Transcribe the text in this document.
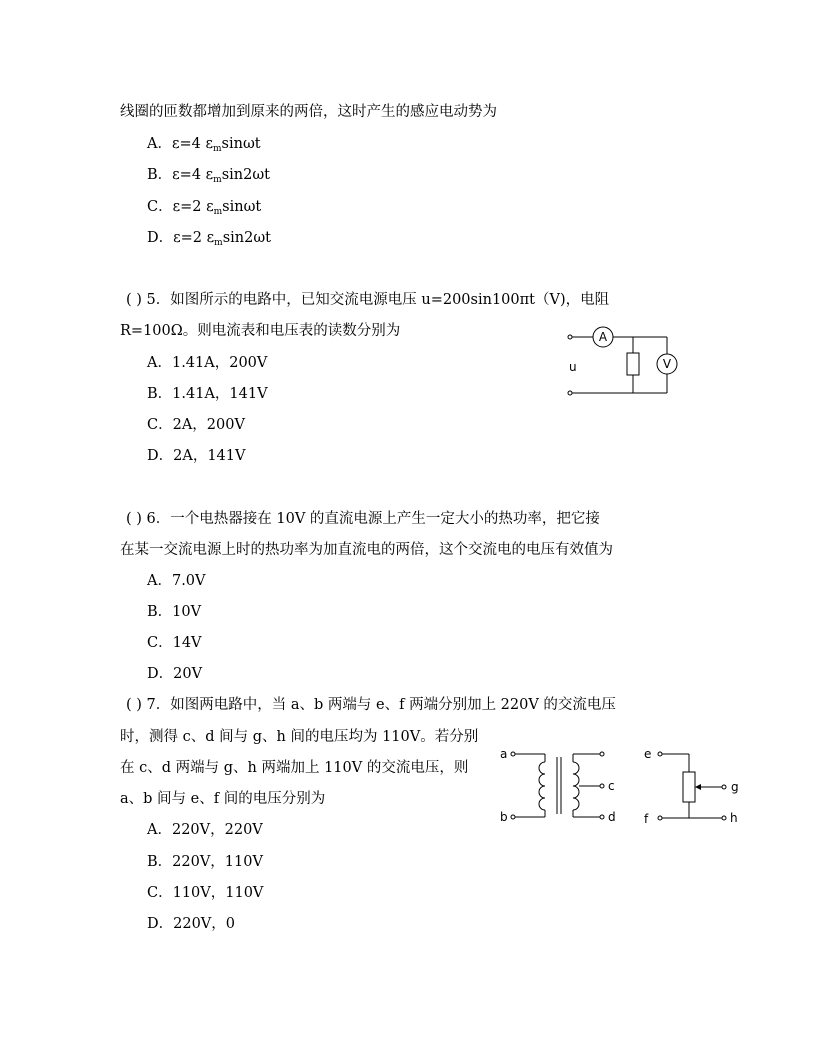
线圈的匝数都增加到原来的两倍，这时产生的感应电动势为
A．ε=4 $\varepsilon_m\sin\omega t$
B．ε=4 $\varepsilon_m\sin 2\omega t$
C．ε=2 $\varepsilon_m\sin\omega t$
D．ε=2 $\varepsilon_m\sin 2\omega t$
( ) 5．如图所示的电路中，已知交流电源电压 u=200sin100πt（V)，电阻
R=100Ω。则电流表和电压表的读数分别为
A．1.41A，200V
B．1.41A，141V
C．2A，200V
D．2A，141V
A
V
u
( ) 6．一个电热器接在 10V 的直流电源上产生一定大小的热功率，把它接
在某一交流电源上时的热功率为加直流电的两倍，这个交流电的电压有效值为
A．7.0V
B．10V
C．14V
D．20V
( ) 7．如图两电路中，当 a、b 两端与 e、f 两端分别加上 220V 的交流电压
时，测得 c、d 间与 g、h 间的电压均为 110V。若分别
在 c、d 两端与 g、h 两端加上 110V 的交流电压，则
a、b 间与 e、f 间的电压分别为
A．220V，220V
B．220V，110V
C．110V，110V
D．220V，0
a
b
c
d
e
f
g
h
